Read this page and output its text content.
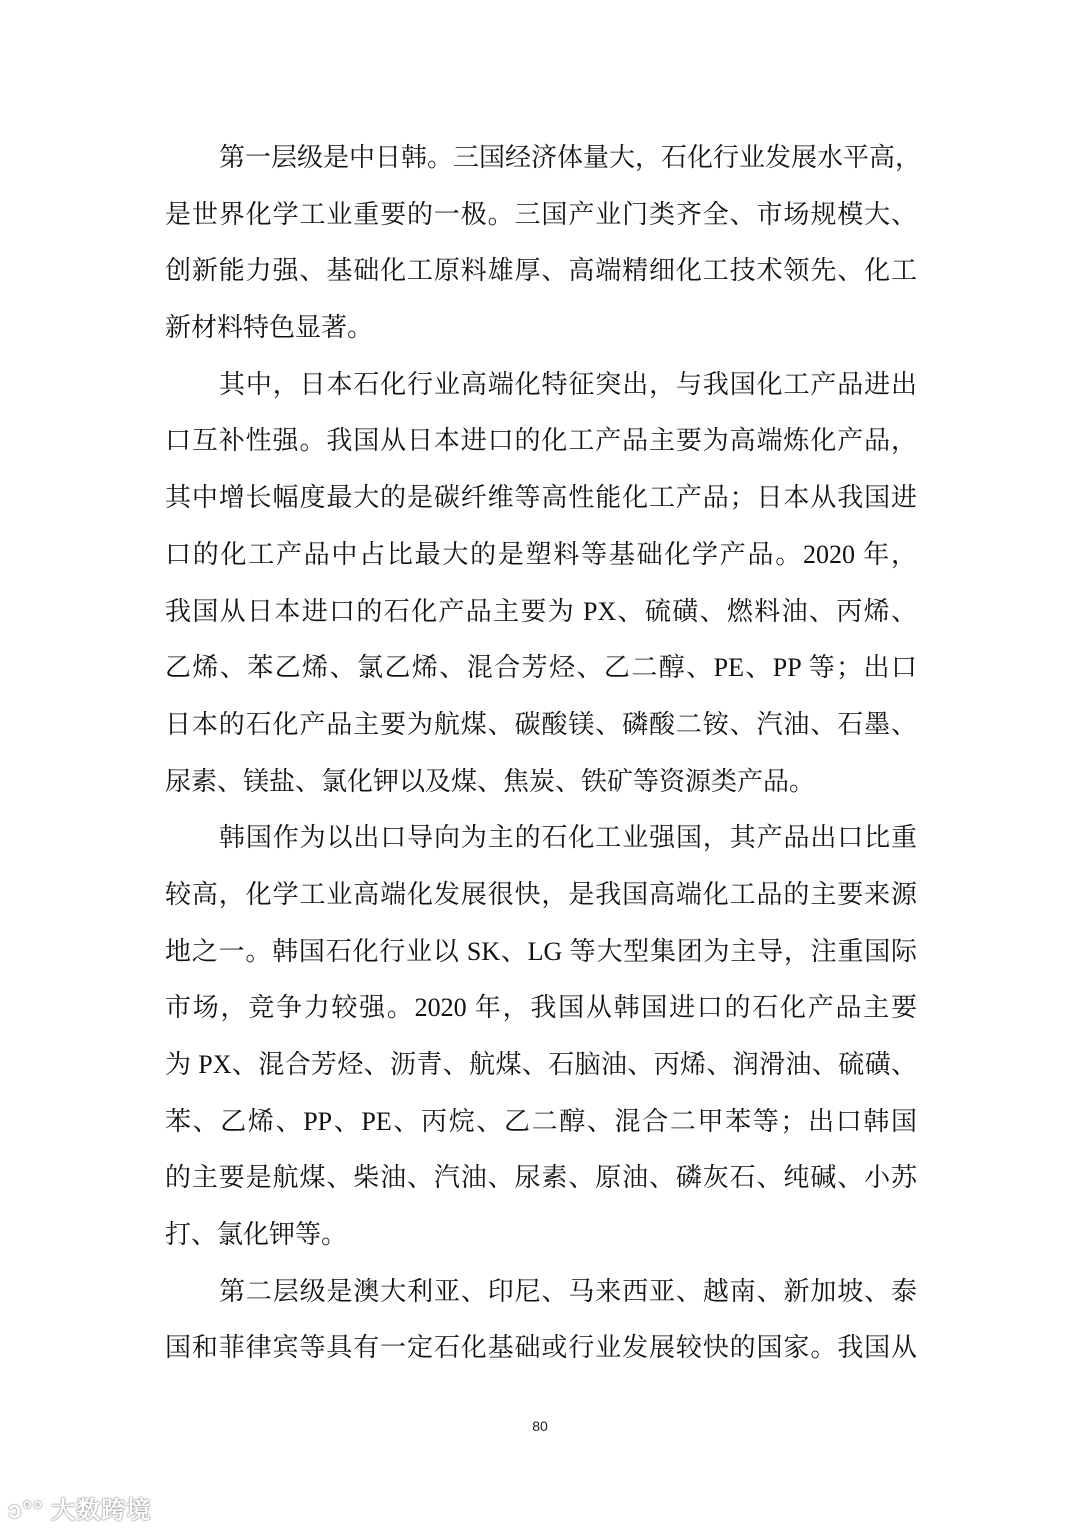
第一层级是中日韩。三国经济体量大，石化行业发展水平高，
是世界化学工业重要的一极。三国产业门类齐全、市场规模大、
创新能力强、基础化工原料雄厚、高端精细化工技术领先、化工
新材料特色显著。
其中，日本石化行业高端化特征突出，与我国化工产品进出
口互补性强。我国从日本进口的化工产品主要为高端炼化产品，
其中增长幅度最大的是碳纤维等高性能化工产品；日本从我国进
口的化工产品中占比最大的是塑料等基础化学产品。2020 年，
我国从日本进口的石化产品主要为 PX、硫磺、燃料油、丙烯、
乙烯、苯乙烯、氯乙烯、混合芳烃、乙二醇、PE、PP 等；出口
日本的石化产品主要为航煤、碳酸镁、磷酸二铵、汽油、石墨、
尿素、镁盐、氯化钾以及煤、焦炭、铁矿等资源类产品。
韩国作为以出口导向为主的石化工业强国，其产品出口比重
较高，化学工业高端化发展很快，是我国高端化工品的主要来源
地之一。韩国石化行业以 SK、LG 等大型集团为主导，注重国际
市场，竞争力较强。2020 年，我国从韩国进口的石化产品主要
为 PX、混合芳烃、沥青、航煤、石脑油、丙烯、润滑油、硫磺、
苯、乙烯、PP、PE、丙烷、乙二醇、混合二甲苯等；出口韩国
的主要是航煤、柴油、汽油、尿素、原油、磷灰石、纯碱、小苏
打、氯化钾等。
第二层级是澳大利亚、印尼、马来西亚、越南、新加坡、泰
国和菲律宾等具有一定石化基础或行业发展较快的国家。我国从
80
ↄ°° 大数跨境
